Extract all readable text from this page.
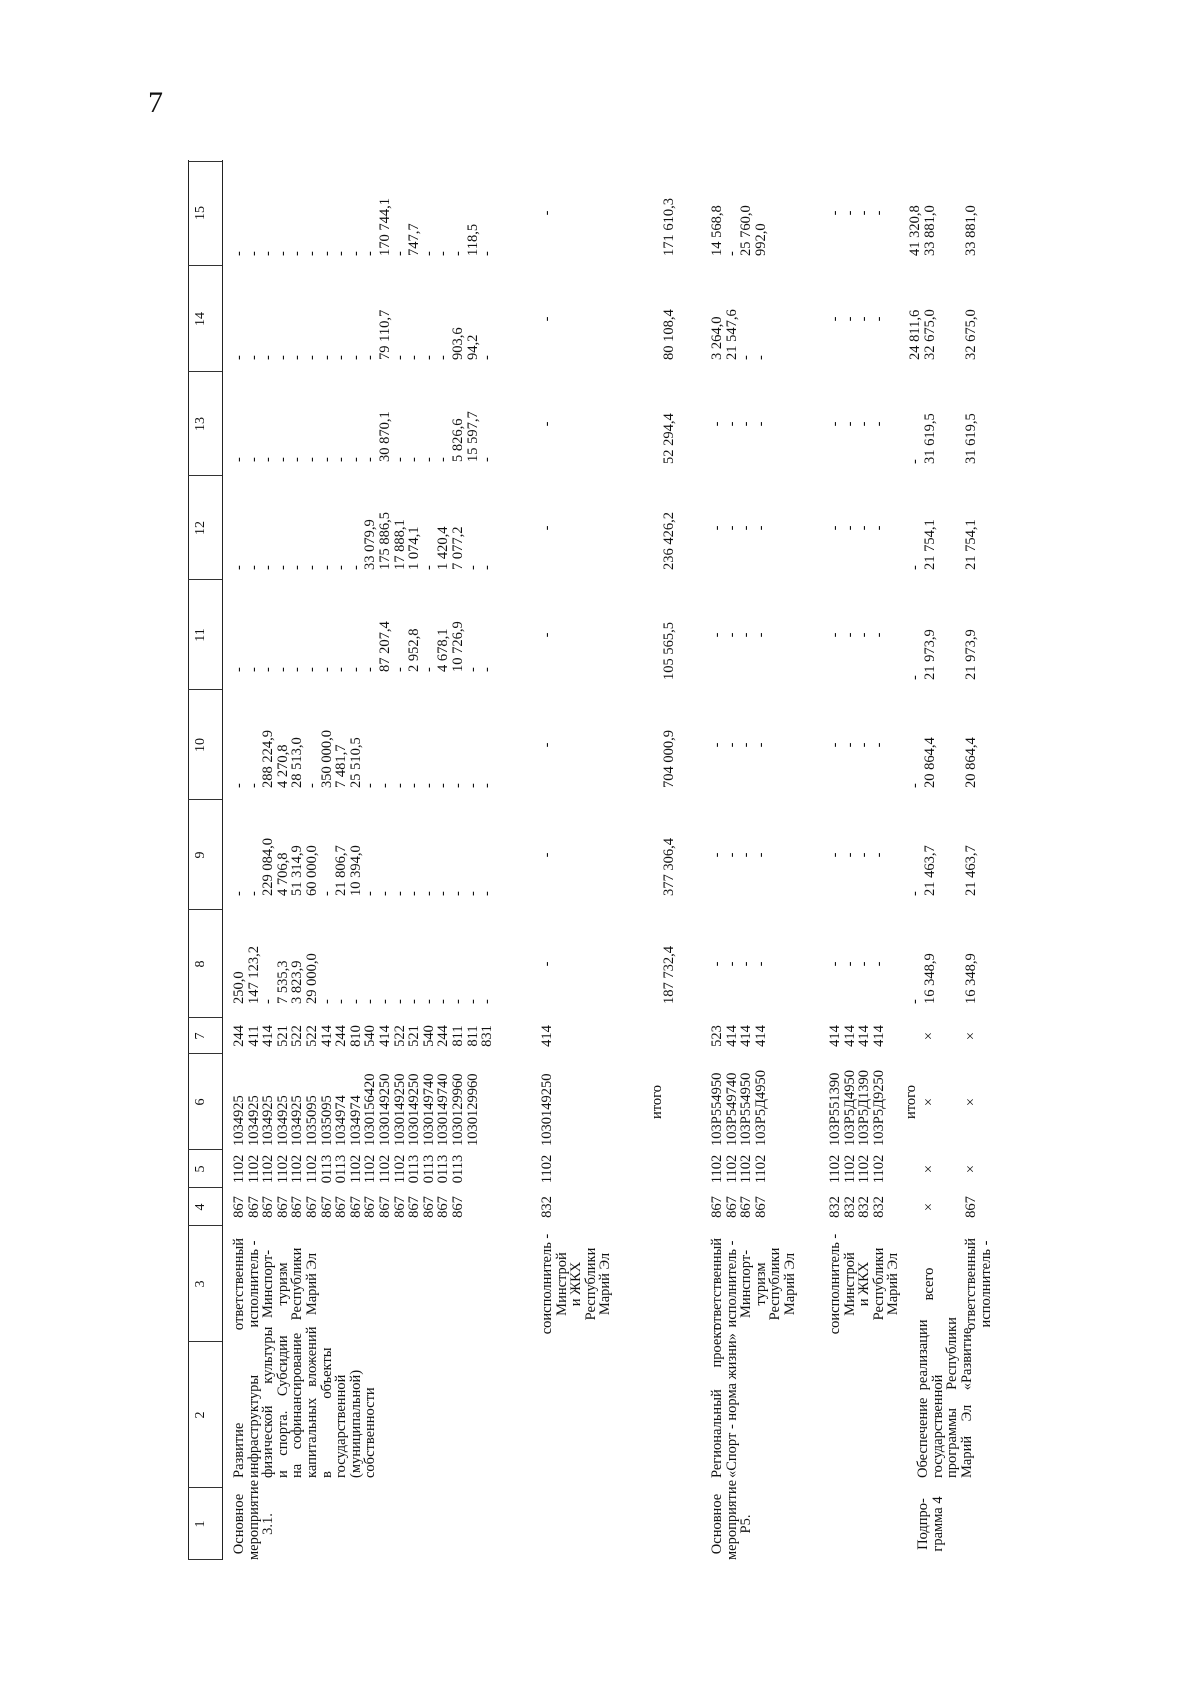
7
1
2
3
4
5
6
7
8
9
10
11
12
13
14
15
Основное
мероприятие
3.1.
Развитие
инфраструктуры
физической      культуры
и    спорта.    Субсидии
на    софинансирование
капитальных   вложений
в                    объекты
государственной
(муниципальной)
собственности
ответственный
исполнитель -
Минспорт-
туризм
Республики
Марий Эл
867
867
867
867
867
867
867
867
867
867
867
867
867
867
867
867
1102
1102
1102
1102
1102
1102
0113
0113
1102
1102
1102
1102
0113
0113
0113
0113
1034925
1034925
1034925
1034925
1034925
1035095
1035095
1034974
1034974
1030156420
1030149250
1030149250
1030149250
1030149740
1030149740
1030129960
1030129960
244
411
414
521
522
522
414
244
810
540
414
522
521
540
244
811
811
831
250,0
147 123,2
-
7 535,3
3 823,9
29 000,0
-
-
-
-
-
-
-
-
-
-
-
-
-
-
229 084,0
4 706,8
51 314,9
60 000,0
-
21 806,7
10 394,0
-
-
-
-
-
-
-
-
-
-
-
288 224,9
4 270,8
28 513,0
-
350 000,0
7 481,7
25 510,5
-
-
-
-
-
-
-
-
-
-
-
-
-
-
-
-
-
-
-
87 207,4
-
2 952,8
-
4 678,1
10 726,9
-
-
-
-
-
-
-
-
-
-
-
33 079,9
175 886,5
17 888,1
1 074,1
-
1 420,4
7 077,2
-
-
-
-
-
-
-
-
-
-
-
-
30 870,1
-
-
-
-
5 826,6
15 597,7
-
-
-
-
-
-
-
-
-
-
-
79 110,7
-
-
-
-
903,6
94,2
-
-
-
-
-
-
-
-
-
-
-
170 744,1
-
747,7
-
-
-
118,5
-
соисполнитель -
Минстрой
и ЖКХ
Республики
Марий Эл
832
1102
1030149250
414
-
-
-
-
-
-
-
-
итого
187 732,4
377 306,4
704 000,9
105 565,5
236 426,2
52 294,4
80 108,4
171 610,3
Основное
мероприятие
Р5.
Региональный      проект
«Спорт - норма жизни»
ответственный
исполнитель -
Минспорт-
туризм
Республики
Марий Эл
867
867
867
867
1102
1102
1102
1102
103Р554950
103Р549740
103Р554950
103Р5Д4950
523
414
414
414
-
-
-
-
-
-
-
-
-
-
-
-
-
-
-
-
-
-
-
-
-
-
-
-
3 264,0
21 547,6
-
-
14 568,8
-
25 760,0
992,0
соисполнитель -
Минстрой
и ЖКХ
Республики
Марий Эл
832
832
832
832
1102
1102
1102
1102
103Р551390
103Р5Д4950
103Р5Д1390
103Р5Д9250
414
414
414
414
-
-
-
-
-
-
-
-
-
-
-
-
-
-
-
-
-
-
-
-
-
-
-
-
-
-
-
-
-
-
-
-
итого
Подпро-
грамма 4
Обеспечение  реализации
государственной
программы     Республики
Марий    Эл    «Развитие
всего
×
×
×
×
-
16 348,9
-
21 463,7
-
20 864,4
-
21 973,9
-
21 754,1
-
31 619,5
24 811,6
32 675,0
41 320,8
33 881,0
ответственный
исполнитель -
867
×
×
×
16 348,9
21 463,7
20 864,4
21 973,9
21 754,1
31 619,5
32 675,0
33 881,0
